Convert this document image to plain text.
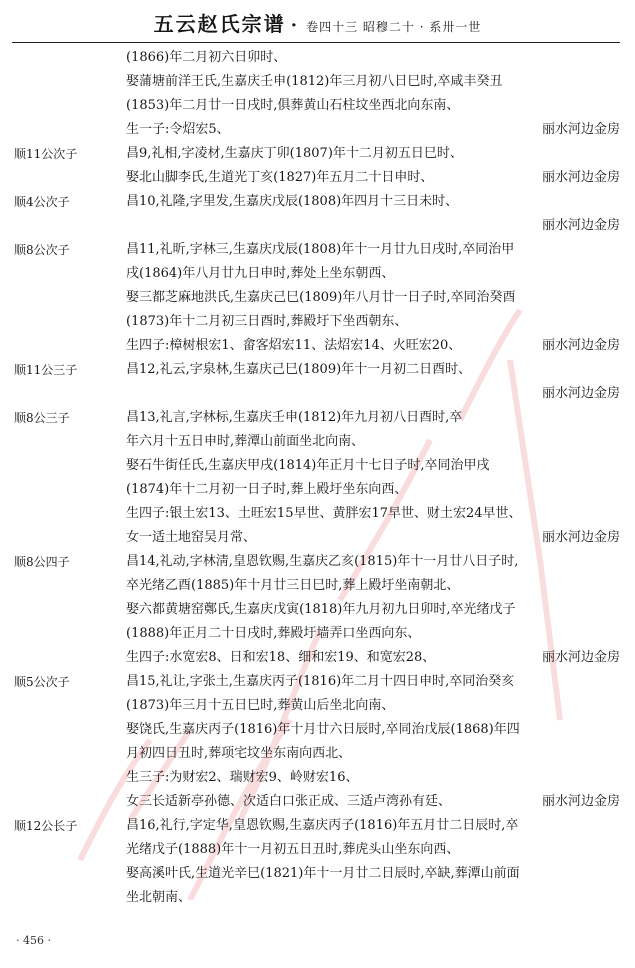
五云赵氏宗谱 · 卷四十三 昭穆二十 · 系卅一世
(1866)年二月初六日卯时、
娶蒲塘前洋王氏,生嘉庆壬申(1812)年三月初八日巳时,卒咸丰癸丑
(1853)年二月廿一日戌时,俱葬黄山石柱坟坐西北向东南、
生一子:令炤宏5、	丽水河边金房
顺11公次子	昌9,礼相,字凌材,生嘉庆丁卯(1807)年十二月初五日巳时、
娶北山脚李氏,生道光丁亥(1827)年五月二十日申时、	丽水河边金房
顺4公次子	昌10,礼隆,字里发,生嘉庆戊辰(1808)年四月十三日未时、
丽水河边金房
顺8公次子	昌11,礼昕,字林三,生嘉庆戊辰(1808)年十一月廿九日戌时,卒同治甲
戌(1864)年八月廿九日申时,葬处上坐东朝西、
娶三都芝麻地洪氏,生嘉庆己巳(1809)年八月廿一日子时,卒同治癸酉
(1873)年十二月初三日酉时,葬殿圩下坐西朝东、
生四子:樟树根宏1、畲客炤宏11、法炤宏14、火旺宏20、	丽水河边金房
顺11公三子	昌12,礼云,字泉林,生嘉庆己巳(1809)年十一月初二日酉时、
丽水河边金房
顺8公三子	昌13,礼言,字林标,生嘉庆壬申(1812)年九月初八日酉时,卒
年六月十五日申时,葬潭山前面坐北向南、
娶石牛街任氏,生嘉庆甲戌(1814)年正月十七日子时,卒同治甲戌
(1874)年十二月初一日子时,葬上殿圩坐东向西、
生四子:银土宏13、土旺宏15早世、黄胖宏17早世、财土宏24早世、
女一适土地窑吴月常、	丽水河边金房
顺8公四子	昌14,礼动,字林淸,皇恩钦赐,生嘉庆乙亥(1815)年十一月廿八日子时,
卒光绪乙酉(1885)年十月廿三日巳时,葬上殿圩坐南朝北、
娶六都黄塘窑鄭氏,生嘉庆戊寅(1818)年九月初九日卯时,卒光绪戊子
(1888)年正月二十日戌时,葬殿圩墙弄口坐西向东、
生四子:水宽宏8、日和宏18、细和宏19、和宽宏28、	丽水河边金房
顺5公次子	昌15,礼让,字张土,生嘉庆丙子(1816)年二月十四日申时,卒同治癸亥
(1873)年三月十五日巳时,葬黄山后坐北向南、
娶饶氏,生嘉庆丙子(1816)年十月廿六日辰时,卒同治戊辰(1868)年四
月初四日丑时,葬项宅坟坐东南向西北、
生三子:为财宏2、瑞财宏9、岭财宏16、
女三长适新亭孙德、次适白口张正成、三适卢湾孙有廷、	丽水河边金房
顺12公长子	昌16,礼行,字定华,皇恩钦赐,生嘉庆丙子(1816)年五月廿二日辰时,卒
光绪戊子(1888)年十一月初五日丑时,葬虎头山坐东向西、
娶高溪叶氏,生道光辛巳(1821)年十一月廿二日辰时,卒缺,葬潭山前面
坐北朝南、
· 456 ·
